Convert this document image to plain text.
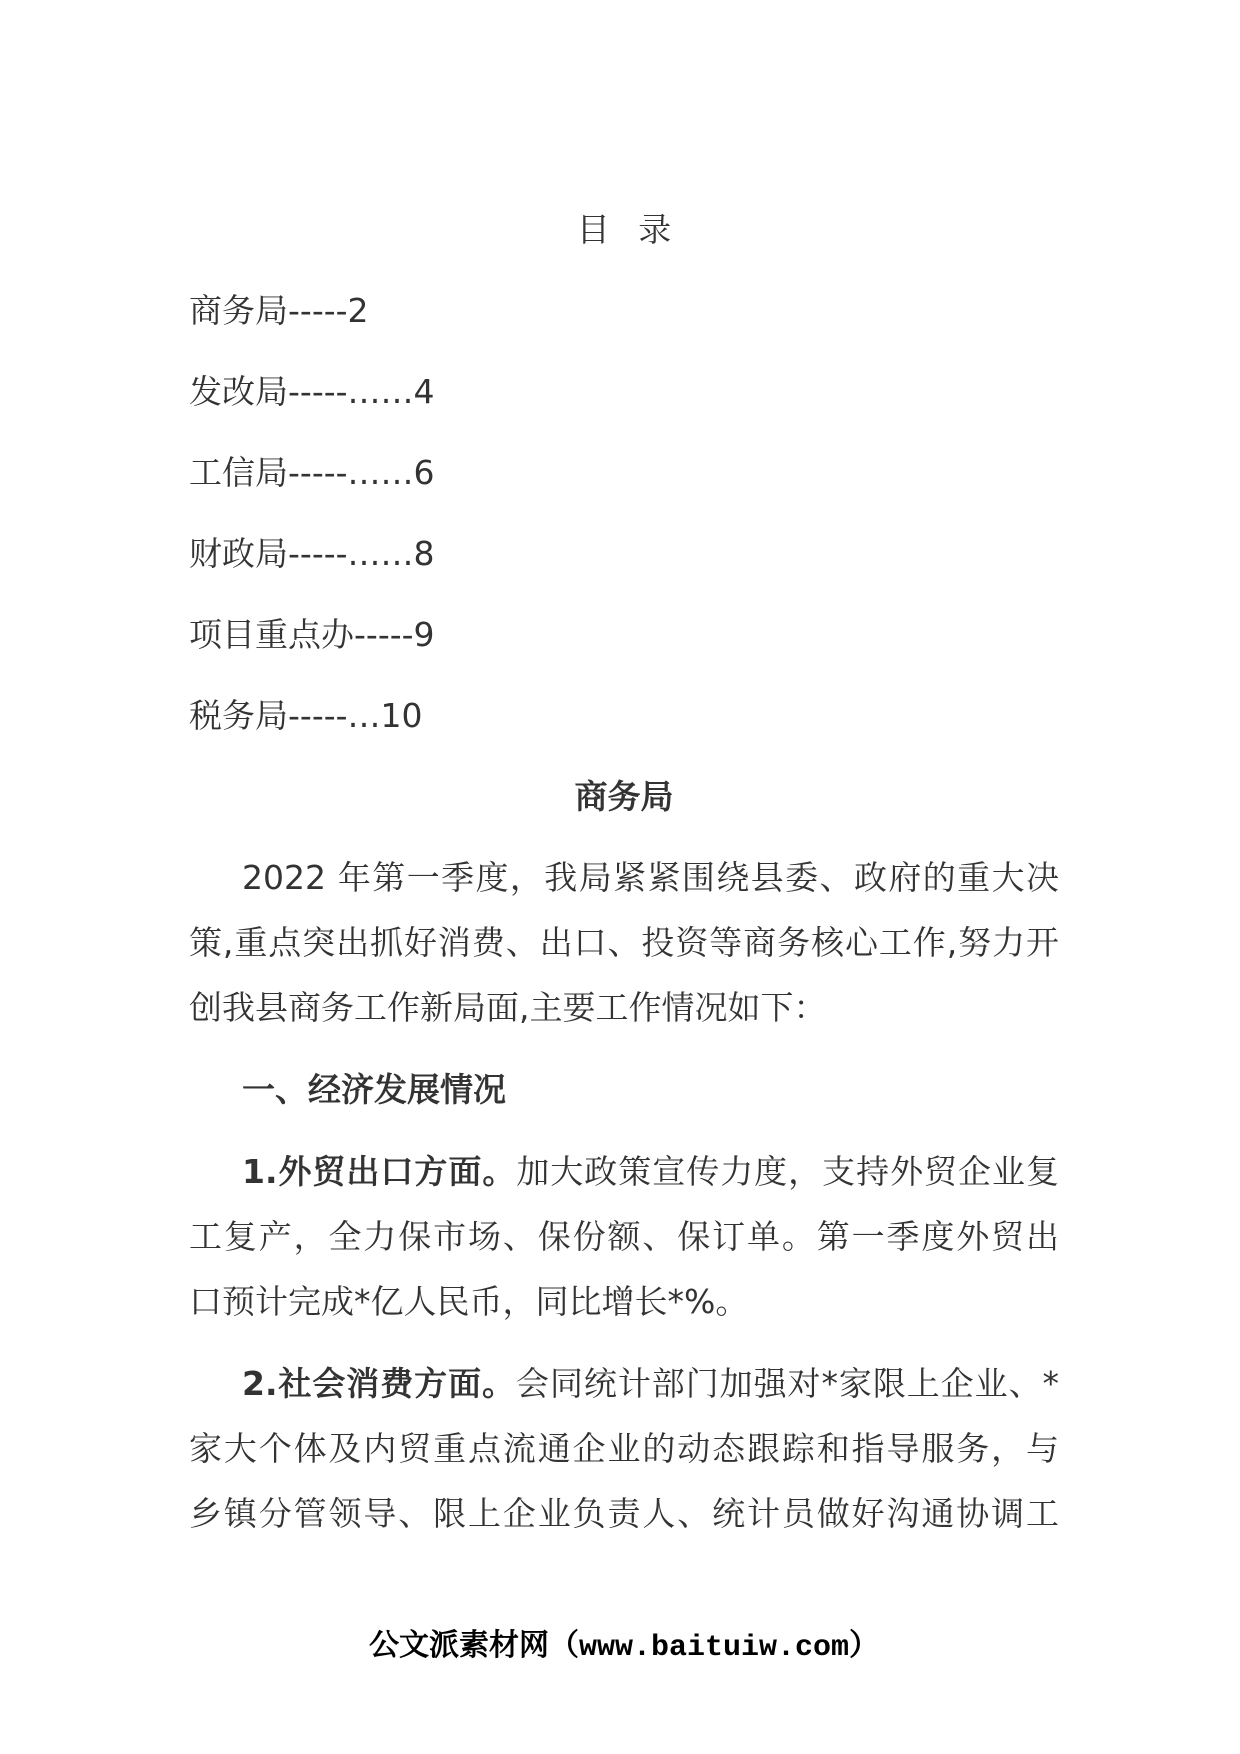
目 录
商务局-----2
发改局-----……4
工信局-----……6
财政局-----……8
项目重点办-----9
税务局-----…10
商务局
2022 年第一季度，我局紧紧围绕县委、政府的重大决
策,重点突出抓好消费、出口、投资等商务核心工作,努力开
创我县商务工作新局面,主要工作情况如下：
一、经济发展情况
1.外贸出口方面。加大政策宣传力度，支持外贸企业复
工复产，全力保市场、保份额、保订单。第一季度外贸出
口预计完成*亿人民币，同比增长*%。
2.社会消费方面。会同统计部门加强对*家限上企业、*
家大个体及内贸重点流通企业的动态跟踪和指导服务，与
乡镇分管领导、限上企业负责人、统计员做好沟通协调工
公文派素材网（www.baituiw.com）
